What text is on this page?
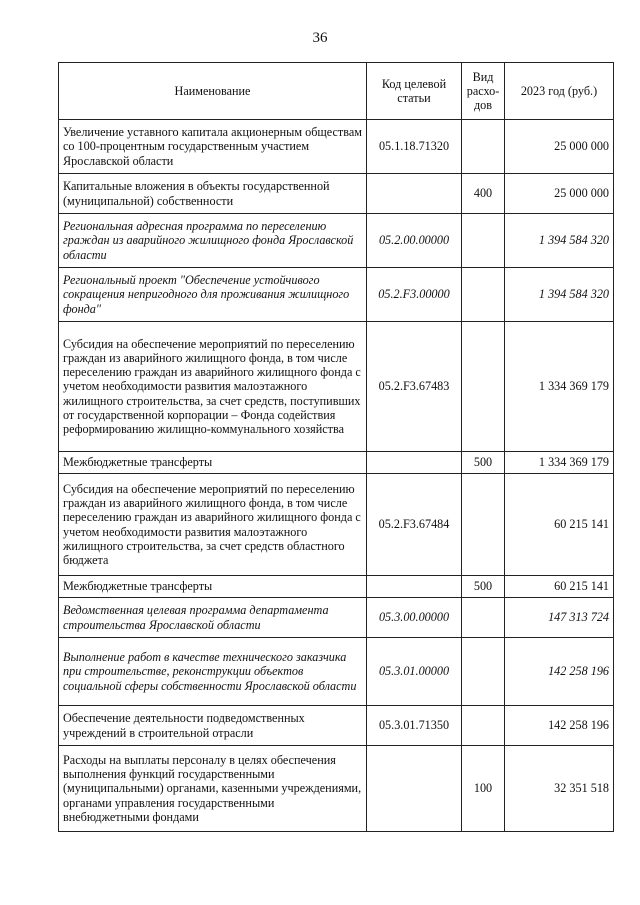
36
Наименование	Код целевой статьи	Вид расхо-дов	2023 год (руб.)
Увеличение уставного капитала акционерным обществам со 100-процентным государственным участием Ярославской области	05.1.18.71320		25 000 000
Капитальные вложения в объекты государственной (муниципальной) собственности		400	25 000 000
Региональная адресная программа по переселению граждан из аварийного жилищного фонда Ярославской области	05.2.00.00000		1 394 584 320
Региональный проект "Обеспечение устойчивого сокращения непригодного для проживания жилищного фонда"	05.2.F3.00000		1 394 584 320
Субсидия на обеспечение мероприятий по переселению граждан из аварийного жилищного фонда, в том числе переселению граждан из аварийного жилищного фонда с учетом необходимости развития малоэтажного жилищного строительства, за счет средств, поступивших от государственной корпорации – Фонда содействия реформированию жилищно-коммунального хозяйства	05.2.F3.67483		1 334 369 179
Межбюджетные трансферты		500	1 334 369 179
Субсидия на обеспечение мероприятий по переселению граждан из аварийного жилищного фонда, в том числе переселению граждан из аварийного жилищного фонда с учетом необходимости развития малоэтажного жилищного строительства, за счет средств областного бюджета	05.2.F3.67484		60 215 141
Межбюджетные трансферты		500	60 215 141
Ведомственная целевая программа департамента строительства Ярославской области	05.3.00.00000		147 313 724
Выполнение работ в качестве технического заказчика при строительстве, реконструкции объектов социальной сферы собственности Ярославской области	05.3.01.00000		142 258 196
Обеспечение деятельности подведомственных учреждений в строительной отрасли	05.3.01.71350		142 258 196
Расходы на выплаты персоналу в целях обеспечения выполнения функций государственными (муниципальными) органами, казенными учреждениями, органами управления государственными внебюджетными фондами		100	32 351 518
